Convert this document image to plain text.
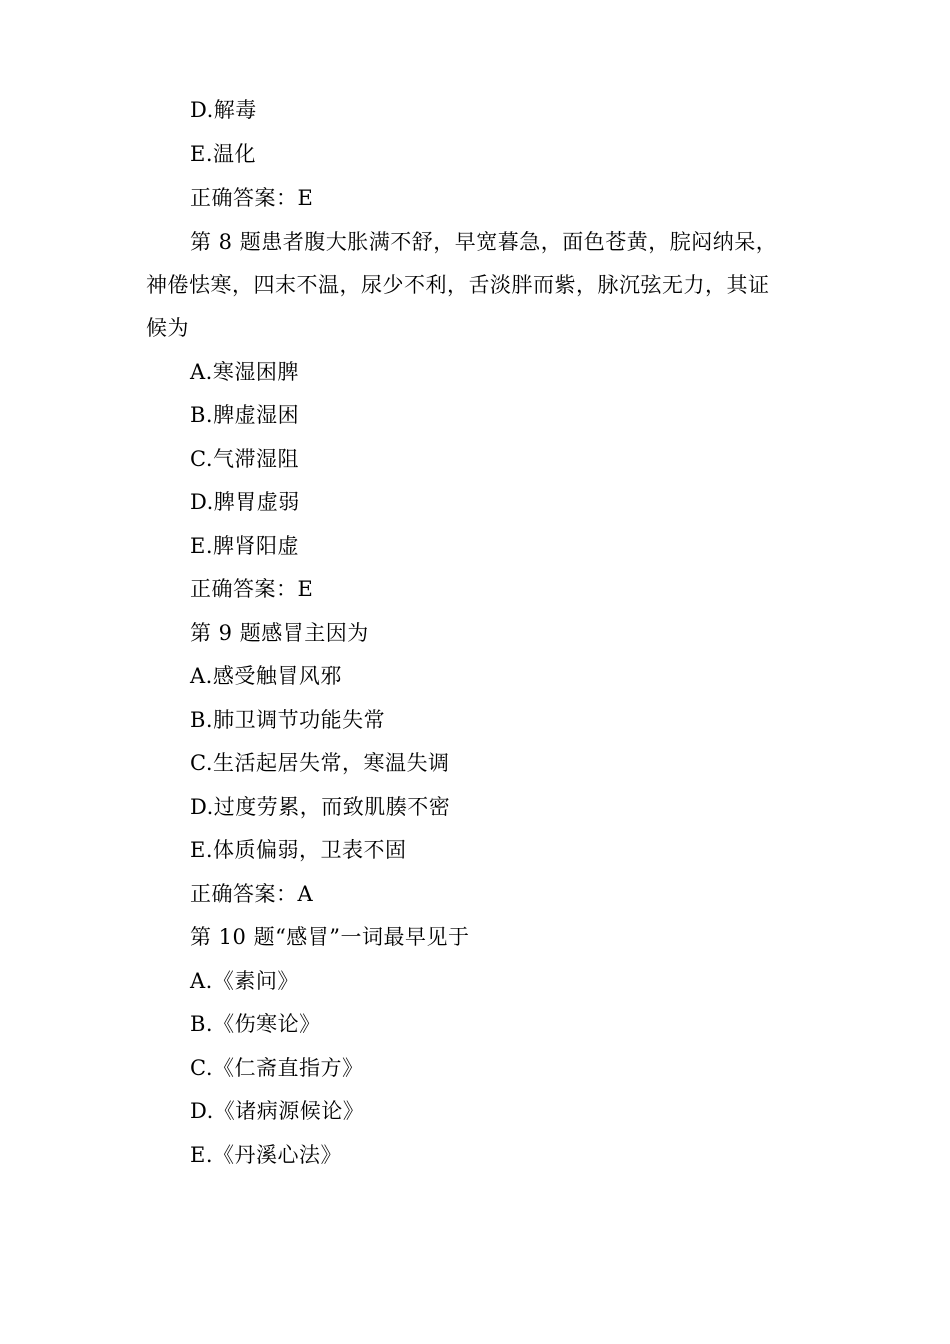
D.解毒
E.温化
正确答案：E
第 8 题患者腹大胀满不舒，早宽暮急，面色苍黄，脘闷纳呆，
神倦怯寒，四末不温，尿少不利，舌淡胖而紫，脉沉弦无力，其证
候为
A.寒湿困脾
B.脾虚湿困
C.气滞湿阻
D.脾胃虚弱
E.脾肾阳虚
正确答案：E
第 9 题感冒主因为
A.感受触冒风邪
B.肺卫调节功能失常
C.生活起居失常，寒温失调
D.过度劳累，而致肌腠不密
E.体质偏弱，卫表不固
正确答案：A
第 10 题“感冒”一词最早见于
A.《素问》
B.《伤寒论》
C.《仁斋直指方》
D.《诸病源候论》
E.《丹溪心法》
